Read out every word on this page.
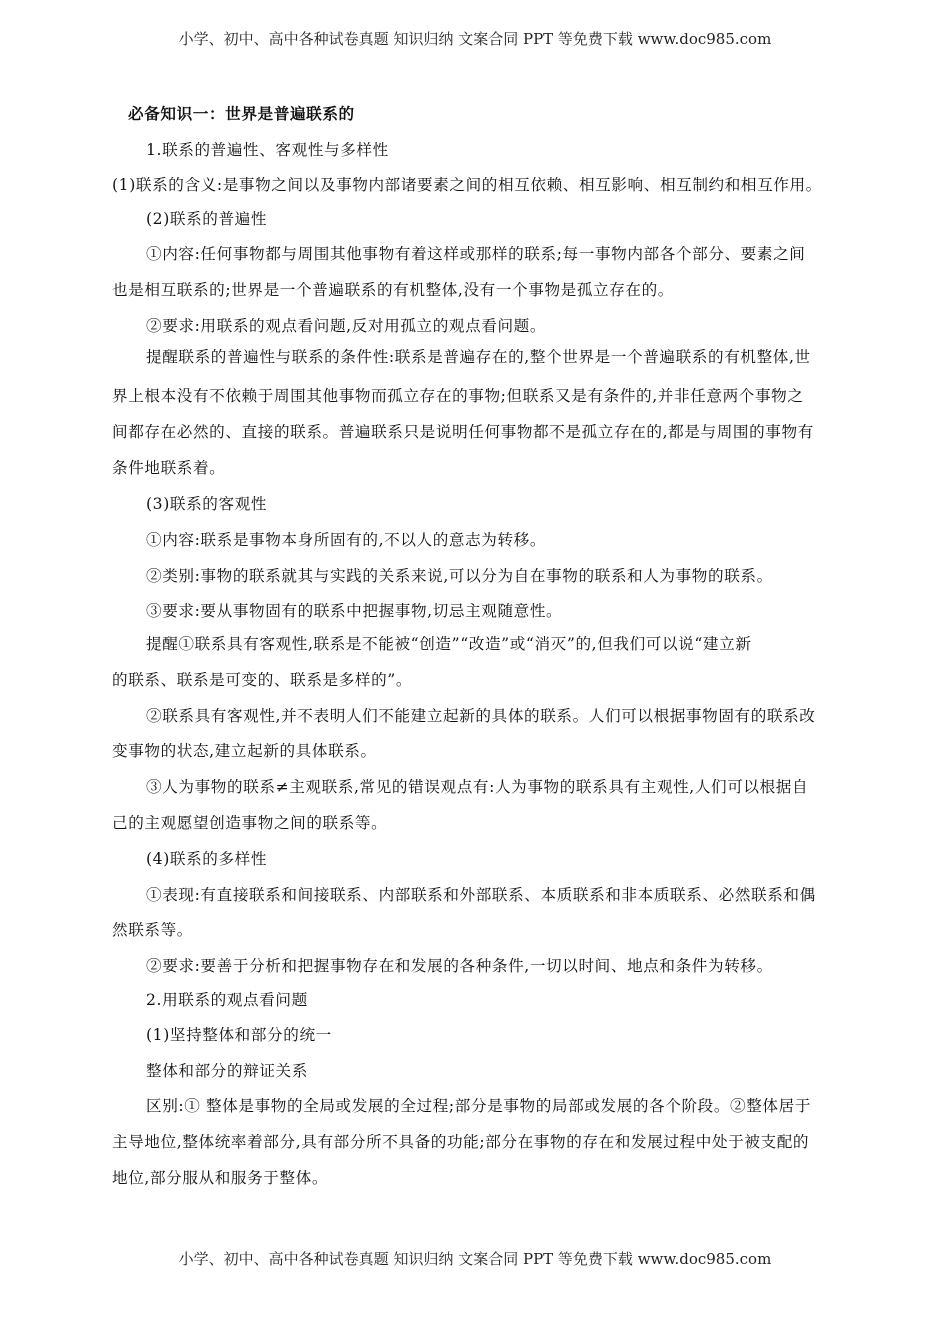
小学、初中、高中各种试卷真题 知识归纳 文案合同 PPT 等免费下载 www.doc985.com
必备知识一：世界是普遍联系的
1.联系的普遍性、客观性与多样性
(1)联系的含义:是事物之间以及事物内部诸要素之间的相互依赖、相互影响、相互制约和相互作用。
(2)联系的普遍性
①内容:任何事物都与周围其他事物有着这样或那样的联系;每一事物内部各个部分、要素之间
也是相互联系的;世界是一个普遍联系的有机整体,没有一个事物是孤立存在的。
②要求:用联系的观点看问题,反对用孤立的观点看问题。
提醒联系的普遍性与联系的条件性:联系是普遍存在的,整个世界是一个普遍联系的有机整体,世
界上根本没有不依赖于周围其他事物而孤立存在的事物;但联系又是有条件的,并非任意两个事物之
间都存在必然的、直接的联系。普遍联系只是说明任何事物都不是孤立存在的,都是与周围的事物有
条件地联系着。
(3)联系的客观性
①内容:联系是事物本身所固有的,不以人的意志为转移。
②类别:事物的联系就其与实践的关系来说,可以分为自在事物的联系和人为事物的联系。
③要求:要从事物固有的联系中把握事物,切忌主观随意性。
提醒①联系具有客观性,联系是不能被“创造”“改造”或“消灭”的,但我们可以说“建立新
的联系、联系是可变的、联系是多样的”。
②联系具有客观性,并不表明人们不能建立起新的具体的联系。人们可以根据事物固有的联系改
变事物的状态,建立起新的具体联系。
③人为事物的联系≠主观联系,常见的错误观点有:人为事物的联系具有主观性,人们可以根据自
己的主观愿望创造事物之间的联系等。
(4)联系的多样性
①表现:有直接联系和间接联系、内部联系和外部联系、本质联系和非本质联系、必然联系和偶
然联系等。
②要求:要善于分析和把握事物存在和发展的各种条件,一切以时间、地点和条件为转移。
2.用联系的观点看问题
(1)坚持整体和部分的统一
整体和部分的辩证关系
区别:① 整体是事物的全局或发展的全过程;部分是事物的局部或发展的各个阶段。②整体居于
主导地位,整体统率着部分,具有部分所不具备的功能;部分在事物的存在和发展过程中处于被支配的
地位,部分服从和服务于整体。
小学、初中、高中各种试卷真题 知识归纳 文案合同 PPT 等免费下载 www.doc985.com
